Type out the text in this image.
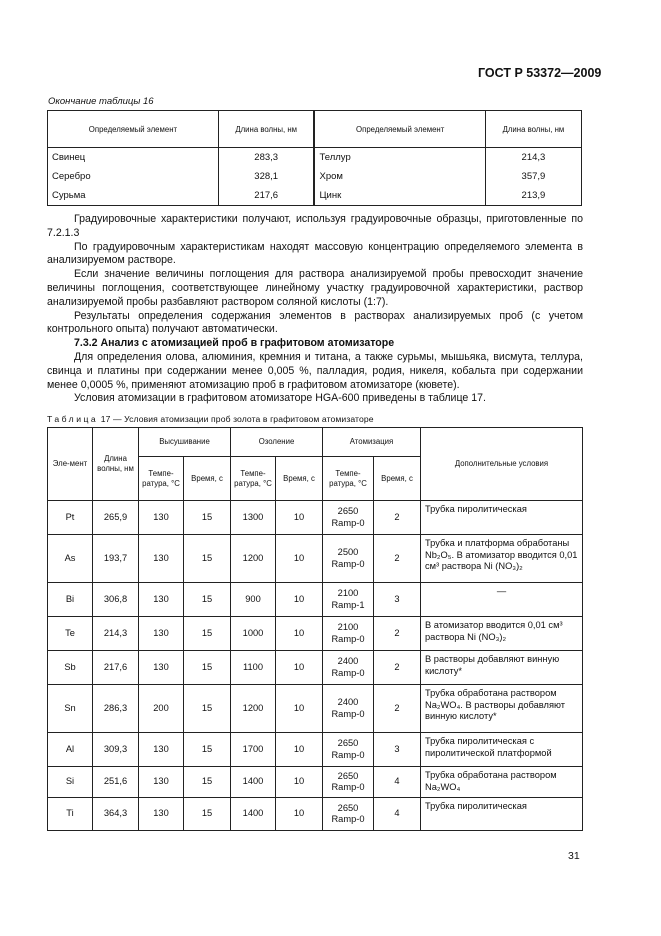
ГОСТ Р 53372—2009
Окончание таблицы 16
Определяемый элемент	Длина волны, нм	Определяемый элемент	Длина волны, нм
Свинец	283,3	Теллур	214,3
Серебро	328,1	Хром	357,9
Сурьма	217,6	Цинк	213,9

Градуировочные характеристики получают, используя градуировочные образцы, приготовленные по 7.2.1.3

По градуировочным характеристикам находят массовую концентрацию определяемого элемента в анализируемом растворе.

Если значение величины поглощения для раствора анализируемой пробы превосходит значение величины поглощения, соответствующее линейному участку градуировочной характеристики, раствор анализируемой пробы разбавляют раствором соляной кислоты (1:7).

Результаты определения содержания элементов в растворах анализируемых проб (с учетом контрольного опыта) получают автоматически.

7.3.2 Анализ с атомизацией проб в графитовом атомизаторе

Для определения олова, алюминия, кремния и титана, а также сурьмы, мышьяка, висмута, теллура, свинца и платины при содержании менее 0,005 %, палладия, родия, никеля, кобальта при содержании менее 0,0005 %, применяют атомизацию проб в графитовом атомизаторе (кювете).

Условия атомизации в графитовом атомизаторе HGA-600 приведены в таблице 17.

Таблица 17 — Условия атомизации проб золота в графитовом атомизаторе
Эле-мент	Длина волны, нм	Высушивание		Озоление		Атомизация		Дополнительные условия
		Темпе-ратура, °С	Время, с	Темпе-ратура, °С	Время, с	Темпе-ратура, °С	Время, с	
Pt	265,9	130	15	1300	10	2650 Ramp-0	2	Трубка пиролитическая
As	193,7	130	15	1200	10	2500 Ramp-0	2	Трубка и платформа обработаны Nb₂O₅. В атомизатор вводится 0,01 см³ раствора Ni (NO₃)₂
Bi	306,8	130	15	900	10	2100 Ramp-1	3	—
Te	214,3	130	15	1000	10	2100 Ramp-0	2	В атомизатор вводится 0,01 см³ раствора Ni (NO₃)₂
Sb	217,6	130	15	1100	10	2400 Ramp-0	2	В растворы добавляют винную кислоту*
Sn	286,3	200	15	1200	10	2400 Ramp-0	2	Трубка обработана раствором Na₂WO₄. В растворы добавляют винную кислоту*
Al	309,3	130	15	1700	10	2650 Ramp-0	3	Трубка пиролитическая с пиролитической платформой
Si	251,6	130	15	1400	10	2650 Ramp-0	4	Трубка обработана раствором Na₂WO₄
Ti	364,3	130	15	1400	10	2650 Ramp-0	4	Трубка пиролитическая
31
